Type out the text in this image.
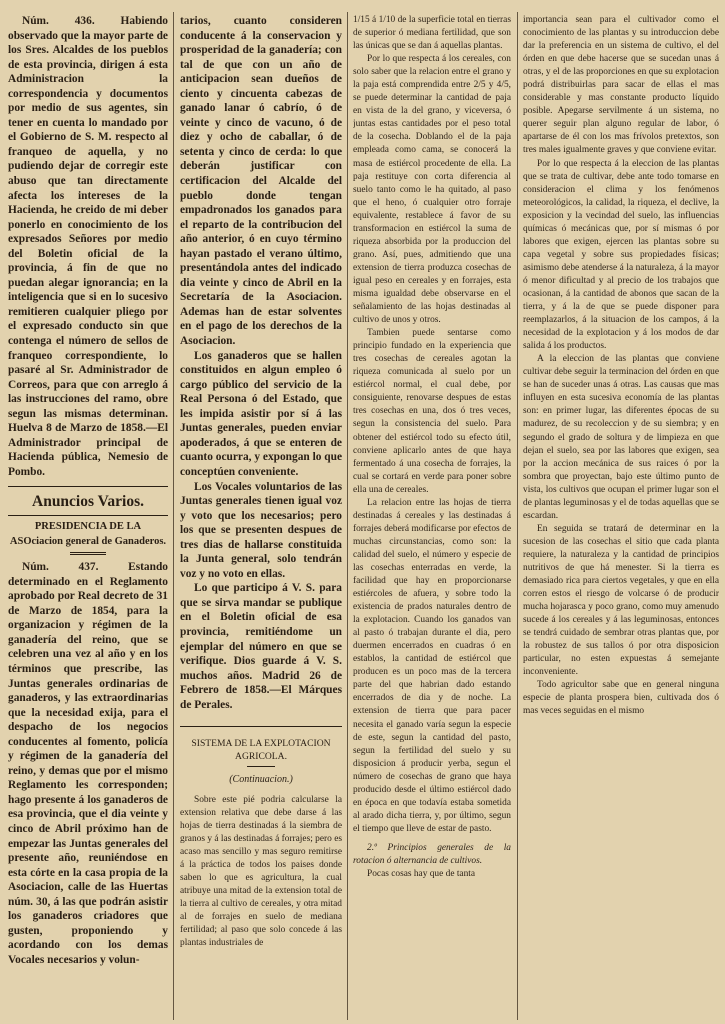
Núm. 436. Habiendo observado que la mayor parte de los Sres. Alcaldes de los pueblos de esta provincia, dirigen á esta Administracion la correspondencia y documentos por medio de sus agentes, sin tener en cuenta lo mandado por el Gobierno de S. M. respecto al franqueo de aquella, y no pudiendo dejar de corregir este abuso que tan directamente afecta los intereses de la Hacienda, he creido de mi deber ponerlo en conocimiento de los expresados Señores por medio del Boletin oficial de la provincia, á fin de que no puedan alegar ignorancia; en la inteligencia que si en lo sucesivo remitieren cualquier pliego por el expresado conducto sin que contenga el número de sellos de franqueo correspondiente, lo pasaré al Sr. Administrador de Correos, para que con arreglo á las instrucciones del ramo, obre segun las mismas determinan. Huelva 8 de Marzo de 1858.—El Administrador principal de Hacienda pública, Nemesio de Pombo.

Anuncios Varios.

PRESIDENCIA DE LA ASOciacion general de Ganaderos.

Núm. 437. Estando determinado en el Reglamento aprobado por Real decreto de 31 de Marzo de 1854, para la organizacion y régimen de la ganadería del reino, que se celebren una vez al año y en los términos que prescribe, las Juntas generales ordinarias de ganaderos, y las extraordinarias que la necesidad exija, para el despacho de los negocios conducentes al fomento, policía y régimen de la ganadería del reino, y demas que por el mismo Reglamento les corresponden; hago presente á los ganaderos de esa provincia, que el dia veinte y cinco de Abril próximo han de empezar las Juntas generales del presente año, reuniéndose en esta córte en la casa propia de la Asociacion, calle de las Huertas núm. 30, á las que podrán asistir los ganaderos criadores que gusten, proponiendo y acordando con los demas Vocales necesarios y volun-

tarios, cuanto consideren conducente á la conservacion y prosperidad de la ganadería; con tal de que con un año de anticipacion sean dueños de ciento y cincuenta cabezas de ganado lanar ó cabrío, ó de veinte y cinco de vacuno, ó de diez y ocho de caballar, ó de setenta y cinco de cerda: lo que deberán justificar con certificacion del Alcalde del pueblo donde tengan empadronados los ganados para el reparto de la contribucion del año anterior, ó en cuyo término hayan pastado el verano último, presentándola antes del indicado dia veinte y cinco de Abril en la Secretaría de la Asociacion. Ademas han de estar solventes en el pago de los derechos de la Asociacion.

Los ganaderos que se hallen constituidos en algun empleo ó cargo público del servicio de la Real Persona ó del Estado, que les impida asistir por sí á las Juntas generales, pueden enviar apoderados, á que se enteren de cuanto ocurra, y expongan lo que conceptúen conveniente.

Los Vocales voluntarios de las Juntas generales tienen igual voz y voto que los necesarios; pero los que se presenten despues de tres dias de hallarse constituida la Junta general, solo tendrán voz y no voto en ellas.

Lo que participo á V. S. para que se sirva mandar se publique en el Boletin oficial de esa provincia, remitiéndome un ejemplar del número en que se verifique. Dios guarde á V. S. muchos años. Madrid 26 de Febrero de 1858.—El Márques de Perales.

SISTEMA DE LA EXPLOTACION AGRICOLA.

(Continuacion.)

Sobre este pié podria calcularse la extension relativa que debe darse á las hojas de tierra destinadas á la siembra de granos y á las destinadas á forrajes; pero es acaso mas sencillo y mas seguro remitirse á la práctica de todos los paises donde saben lo que es agricultura, la cual atribuye una mitad de la extension total de la tierra al cultivo de cereales, y otra mitad al de forrajes en suelo de mediana fertilidad; al paso que solo concede á las plantas industriales de

1/15 á 1/10 de la superficie total en tierras de superior ó mediana fertilidad, que son las únicas que se dan á aquellas plantas.

Por lo que respecta á los cereales, con solo saber que la relacion entre el grano y la paja está comprendida entre 2/5 y 4/5, se puede determinar la cantidad de paja en vista de la del grano, y viceversa, ó juntas estas cantidades por el peso total de la cosecha. Doblando el de la paja empleada como cama, se conocerá la masa de estiércol procedente de ella. La paja restituye con corta diferencia al suelo tanto como le ha quitado, al paso que el heno, ó cualquier otro forraje equivalente, restablece á favor de su transformacion en estiércol la suma de riqueza absorbida por la produccion del grano. Así, pues, admitiendo que una extension de tierra produzca cosechas de igual peso en cereales y en forrajes, esta misma igualdad debe observarse en el señalamiento de las hojas destinadas al cultivo de unos y otros.

Tambien puede sentarse como principio fundado en la experiencia que tres cosechas de cereales agotan la riqueza comunicada al suelo por un estiércol normal, el cual debe, por consiguiente, renovarse despues de estas tres cosechas en una, dos ó tres veces, segun la consistencia del suelo. Para obtener del estiércol todo su efecto útil, conviene aplicarlo antes de que haya fermentado á una cosecha de forrajes, la cual se cortará en verde para poner sobre ella una de cereales.

La relacion entre las hojas de tierra destinadas á cereales y las destinadas á forrajes deberá modificarse por efectos de muchas circunstancias, como son: la calidad del suelo, el número y especie de las cosechas enterradas en verde, la facilidad que hay en proporcionarse estiércoles de afuera, y sobre todo la existencia de prados naturales dentro de la explotacion. Cuando los ganados van al pasto ó trabajan durante el dia, pero duermen encerrados en cuadras ó en establos, la cantidad de estiércol que producen es un poco mas de la tercera parte del que habrian dado estando encerrados de dia y de noche. La extension de tierra que para pacer necesita el ganado varía segun la especie de este, segun la cantidad del pasto, segun la fertilidad del suelo y su disposicion á producir yerba, segun el número de cosechas de grano que haya producido desde el último estiércol dado en época en que todavía estaba sometida al arado dicha tierra, y, por último, segun el tiempo que lleve de estar de pasto.

2.º Principios generales de la rotacion ó alternancia de cultivos.

Pocas cosas hay que de tanta

importancia sean para el cultivador como el conocimiento de las plantas y su introduccion debe dar la preferencia en un sistema de cultivo, el del órden en que debe hacerse que se sucedan unas á otras, y el de las proporciones en que su explotacion podrá distribuirlas para sacar de ellas el mas considerable y mas constante producto líquido posible. Apegarse servilmente á un sistema, no querer seguir plan alguno regular de labor, ó apartarse de él con los mas frívolos pretextos, son tres males igualmente graves y que conviene evitar.

Por lo que respecta á la eleccion de las plantas que se trata de cultivar, debe ante todo tomarse en consideracion el clima y los fenómenos meteorológicos, la calidad, la riqueza, el declive, la exposicion y la vecindad del suelo, las influencias químicas ó mecánicas que, por sí mismas ó por labores que exigen, ejercen las plantas sobre su capa vegetal y sobre sus propiedades físicas; asimismo debe atenderse á la naturaleza, á la mayor ó menor dificultad y al precio de los trabajos que ocasionan, á la cantidad de abonos que sacan de la tierra, y á la de que se puede disponer para reemplazarlos, á la situacion de los campos, á la necesidad de la explotacion y á los modos de dar salida á los productos.

A la eleccion de las plantas que conviene cultivar debe seguir la terminacion del órden en que se han de suceder unas á otras. Las causas que mas influyen en esta sucesiva economía de las plantas son: en primer lugar, las diferentes épocas de su madurez, de su recoleccion y de su siembra; y en segundo el grado de soltura y de limpieza en que dejan el suelo, sea por las labores que exigen, sea por la accion mecánica de sus raices ó por la sombra que proyectan, bajo este último punto de vista, los cultivos que ocupan el primer lugar son el de plantas leguminosas y el de todas aquellas que se escardan.

En seguida se tratará de determinar en la sucesion de las cosechas el sitio que cada planta requiere, la naturaleza y la cantidad de principios nutritivos de que há menester. Si la tierra es demasiado rica para ciertos vegetales, y que en ella corren estos el riesgo de volcarse ó de producir mucha hojarasca y poco grano, como muy amenudo sucede á los cereales y á las leguminosas, entonces se tendrá cuidado de sembrar otras plantas que, por la robustez de sus tallos ó por otra disposicion particular, no esten expuestas á semejante inconveniente.

Todo agricultor sabe que en general ninguna especie de planta prospera bien, cultivada dos ó mas veces seguidas en el mismo
